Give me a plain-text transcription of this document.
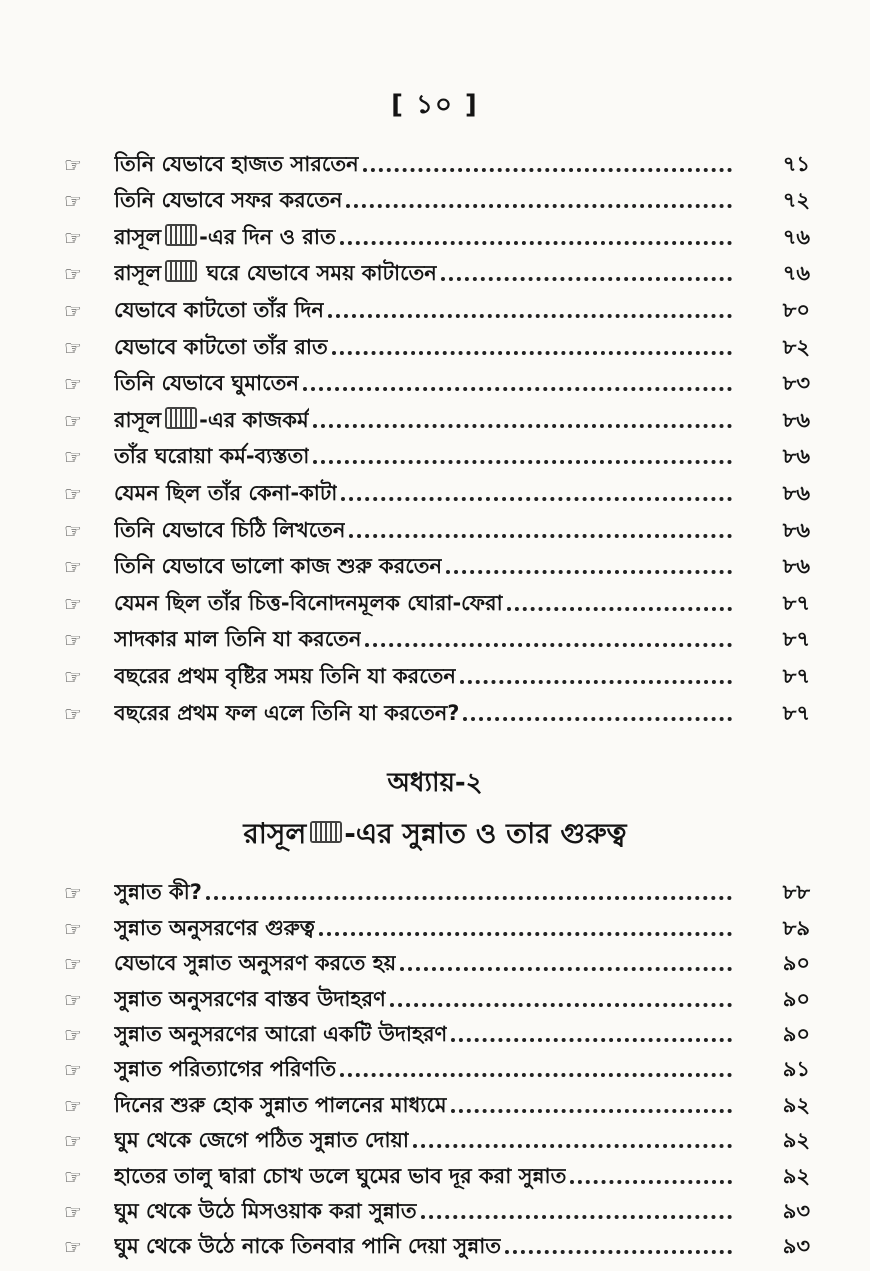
[ ১০ ]
☞	তিনি যেভাবে হাজত সারতেন	৭১
☞	তিনি যেভাবে সফর করতেন	৭২
☞	রাসূল -এর দিন ও রাত	৭৬
☞	রাসূল ঘরে যেভাবে সময় কাটাতেন	৭৬
☞	যেভাবে কাটতো তাঁর দিন	৮০
☞	যেভাবে কাটতো তাঁর রাত	৮২
☞	তিনি যেভাবে ঘুমাতেন	৮৩
☞	রাসূল -এর কাজকর্ম	৮৬
☞	তাঁর ঘরোয়া কর্ম-ব্যস্ততা	৮৬
☞	যেমন ছিল তাঁর কেনা-কাটা	৮৬
☞	তিনি যেভাবে চিঠি লিখতেন	৮৬
☞	তিনি যেভাবে ভালো কাজ শুরু করতেন	৮৬
☞	যেমন ছিল তাঁর চিত্ত-বিনোদনমূলক ঘোরা-ফেরা	৮৭
☞	সাদকার মাল তিনি যা করতেন	৮৭
☞	বছরের প্রথম বৃষ্টির সময় তিনি যা করতেন	৮৭
☞	বছরের প্রথম ফল এলে তিনি যা করতেন?	৮৭
অধ্যায়-২
রাসূল -এর সুন্নাত ও তার গুরুত্ব
☞	সুন্নাত কী?	৮৮
☞	সুন্নাত অনুসরণের গুরুত্ব	৮৯
☞	যেভাবে সুন্নাত অনুসরণ করতে হয়	৯০
☞	সুন্নাত অনুসরণের বাস্তব উদাহরণ	৯০
☞	সুন্নাত অনুসরণের আরো একটি উদাহরণ	৯০
☞	সুন্নাত পরিত্যাগের পরিণতি	৯১
☞	দিনের শুরু হোক সুন্নাত পালনের মাধ্যমে	৯২
☞	ঘুম থেকে জেগে পঠিত সুন্নাত দোয়া	৯২
☞	হাতের তালু দ্বারা চোখ ডলে ঘুমের ভাব দূর করা সুন্নাত	৯২
☞	ঘুম থেকে উঠে মিসওয়াক করা সুন্নাত	৯৩
☞	ঘুম থেকে উঠে নাকে তিনবার পানি দেয়া সুন্নাত	৯৩
